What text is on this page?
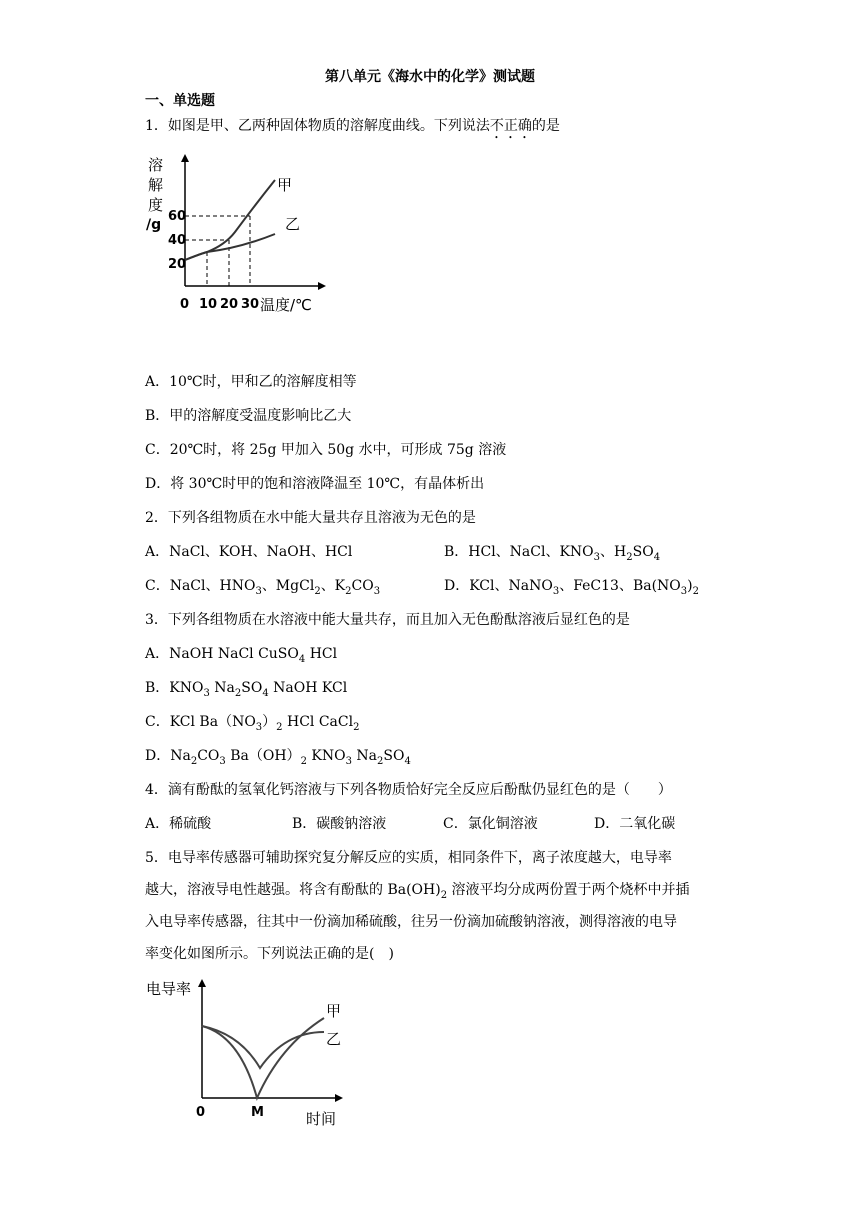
第八单元《海水中的化学》测试题
一、单选题
1．如图是甲、乙两种固体物质的溶解度曲线。下列说法不正确的是
溶
解
度
/g
60
40
20
0 10 20 30 温度/℃
甲
乙
A．10℃时，甲和乙的溶解度相等
B．甲的溶解度受温度影响比乙大
C．20℃时，将 25g 甲加入 50g 水中，可形成 75g 溶液
D．将 30℃时甲的饱和溶液降温至 10℃，有晶体析出
2．下列各组物质在水中能大量共存且溶液为无色的是
A．NaCl、KOH、NaOH、HCl	B．HCl、NaCl、$KNO_3$、$H_2SO_4$
C．NaCl、$HNO_3$、MgCl$_2$、$K_2CO_3$	D．KCl、NaNO$_3$、FeC13、$Ba(NO_3)_2$
3．下列各组物质在水溶液中能大量共存，而且加入无色酚酞溶液后显红色的是
A．NaOH NaCl CuSO$_4$ HCl
B．$KNO_3$ $Na_2SO_4$ NaOH KCl
C．KCl $Ba(NO_3)_2$ HCl CaCl$_2$
D．$Na_2CO_3$ $Ba(OH)_2$ $KNO_3$ $Na_2SO_4$
4．滴有酚酞的氢氧化钙溶液与下列各物质恰好完全反应后酚酞仍显红色的是（　　）
A．稀硫酸	B．碳酸钠溶液	C．氯化铜溶液	D．二氧化碳
5．电导率传感器可辅助探究复分解反应的实质，相同条件下，离子浓度越大，电导率
越大，溶液导电性越强。将含有酚酞的 $Ba(OH)_2$ 溶液平均分成两份置于两个烧杯中并插
入电导率传感器，往其中一份滴加稀硫酸，往另一份滴加硫酸钠溶液，测得溶液的电导
率变化如图所示。下列说法正确的是(　)
电导率
甲
乙
0	M	时间
